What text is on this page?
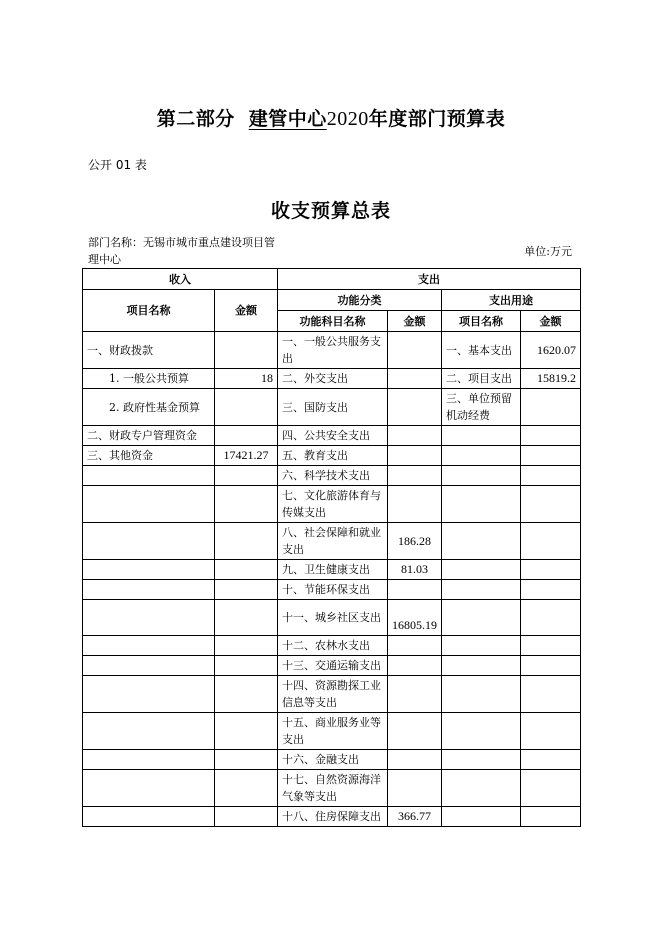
第二部分 建管中心2020年度部门预算表
公开 01 表
收支预算总表
部门名称：无锡市城市重点建设项目管理中心
单位:万元
收入		支出			
项目名称	金额	功能分类		支出用途	
		功能科目名称	金额	项目名称	金额
一、财政拨款		一、一般公共服务支出		一、基本支出	1620.07
1. 一般公共预算	18	二、外交支出		二、项目支出	15819.2
2. 政府性基金预算		三、国防支出		三、单位预留机动经费	
二、财政专户管理资金		四、公共安全支出			
三、其他资金	17421.27	五、教育支出			
		六、科学技术支出			
		七、文化旅游体育与传媒支出			
		八、社会保障和就业支出	186.28		
		九、卫生健康支出	81.03		
		十、节能环保支出			
		十一、城乡社区支出	16805.19		
		十二、农林水支出			
		十三、交通运输支出			
		十四、资源勘探工业信息等支出			
		十五、商业服务业等支出			
		十六、金融支出			
		十七、自然资源海洋气象等支出			
		十八、住房保障支出	366.77		
